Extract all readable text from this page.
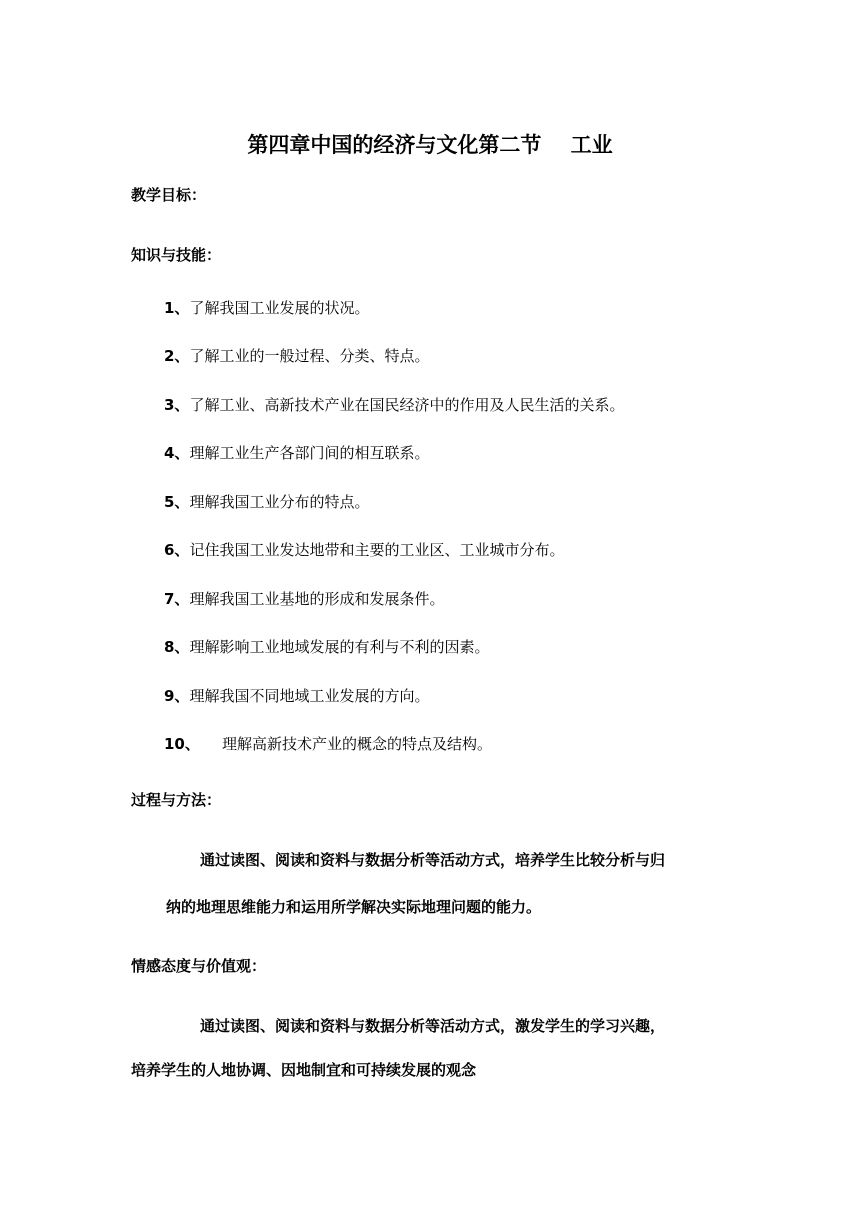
第四章中国的经济与文化第二节    工业
教学目标：
知识与技能：
1、了解我国工业发展的状况。
2、了解工业的一般过程、分类、特点。
3、了解工业、高新技术产业在国民经济中的作用及人民生活的关系。
4、理解工业生产各部门间的相互联系。
5、理解我国工业分布的特点。
6、记住我国工业发达地带和主要的工业区、工业城市分布。
7、理解我国工业基地的形成和发展条件。
8、理解影响工业地域发展的有利与不利的因素。
9、理解我国不同地域工业发展的方向。
10、 理解高新技术产业的概念的特点及结构。
过程与方法：
通过读图、阅读和资料与数据分析等活动方式，培养学生比较分析与归
纳的地理思维能力和运用所学解决实际地理问题的能力。
情感态度与价值观：
通过读图、阅读和资料与数据分析等活动方式，激发学生的学习兴趣，
培养学生的人地协调、因地制宜和可持续发展的观念
